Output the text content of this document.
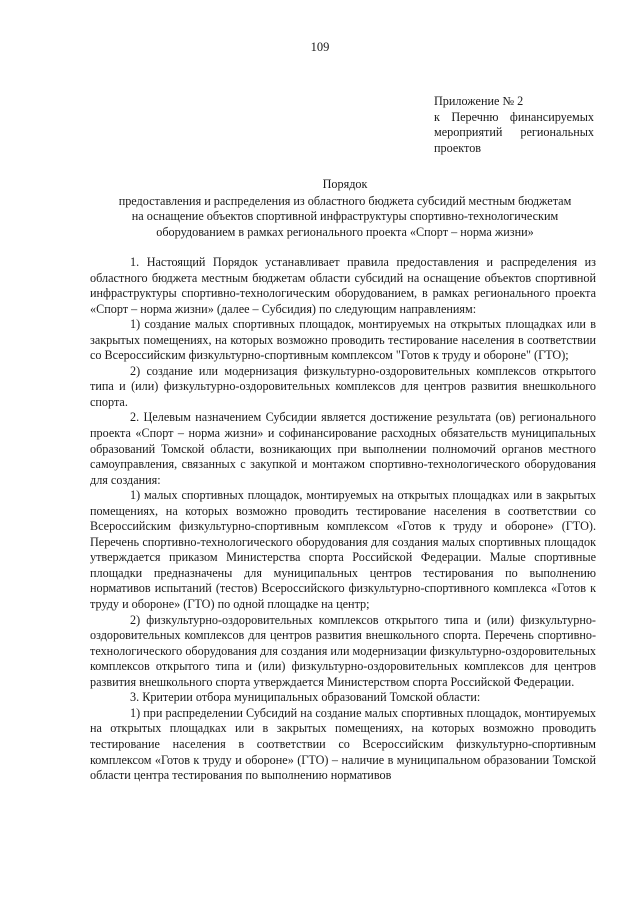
109
Приложение № 2
к Перечню финансируемых
мероприятий региональных
проектов
Порядок
предоставления и распределения из областного бюджета субсидий местным бюджетам
на оснащение объектов спортивной инфраструктуры спортивно-технологическим
оборудованием в рамках регионального проекта «Спорт – норма жизни»

1. Настоящий Порядок устанавливает правила предоставления и распределения из областного бюджета местным бюджетам области субсидий на оснащение объектов спортивной инфраструктуры спортивно-технологическим оборудованием, в рамках регионального проекта «Спорт – норма жизни» (далее – Субсидия) по следующим направлениям:

1) создание малых спортивных площадок, монтируемых на открытых площадках или в закрытых помещениях, на которых возможно проводить тестирование населения в соответствии со Всероссийским физкультурно-спортивным комплексом "Готов к труду и обороне" (ГТО);

2) создание или модернизация физкультурно-оздоровительных комплексов открытого типа и (или) физкультурно-оздоровительных комплексов для центров развития внешкольного спорта.

2. Целевым назначением Субсидии является достижение результата (ов) регионального проекта «Спорт – норма жизни» и софинансирование расходных обязательств муниципальных образований Томской области, возникающих при выполнении полномочий органов местного самоуправления, связанных с закупкой и монтажом спортивно-технологического оборудования для создания:

1) малых спортивных площадок, монтируемых на открытых площадках или в закрытых помещениях, на которых возможно проводить тестирование населения в соответствии со Всероссийским физкультурно-спортивным комплексом «Готов к труду и обороне» (ГТО). Перечень спортивно-технологического оборудования для создания малых спортивных площадок утверждается приказом Министерства спорта Российской Федерации. Малые спортивные площадки предназначены для муниципальных центров тестирования по выполнению нормативов испытаний (тестов) Всероссийского физкультурно-спортивного комплекса «Готов к труду и обороне» (ГТО) по одной площадке на центр;

2) физкультурно-оздоровительных комплексов открытого типа и (или) физкультурно-оздоровительных комплексов для центров развития внешкольного спорта. Перечень спортивно-технологического оборудования для создания или модернизации физкультурно-оздоровительных комплексов открытого типа и (или) физкультурно-оздоровительных комплексов для центров развития внешкольного спорта утверждается Министерством спорта Российской Федерации.

3. Критерии отбора муниципальных образований Томской области:

1) при распределении Субсидий на создание малых спортивных площадок, монтируемых на открытых площадках или в закрытых помещениях, на которых возможно проводить тестирование населения в соответствии со Всероссийским физкультурно-спортивным комплексом «Готов к труду и обороне» (ГТО) – наличие в муниципальном образовании Томской области центра тестирования по выполнению нормативов
